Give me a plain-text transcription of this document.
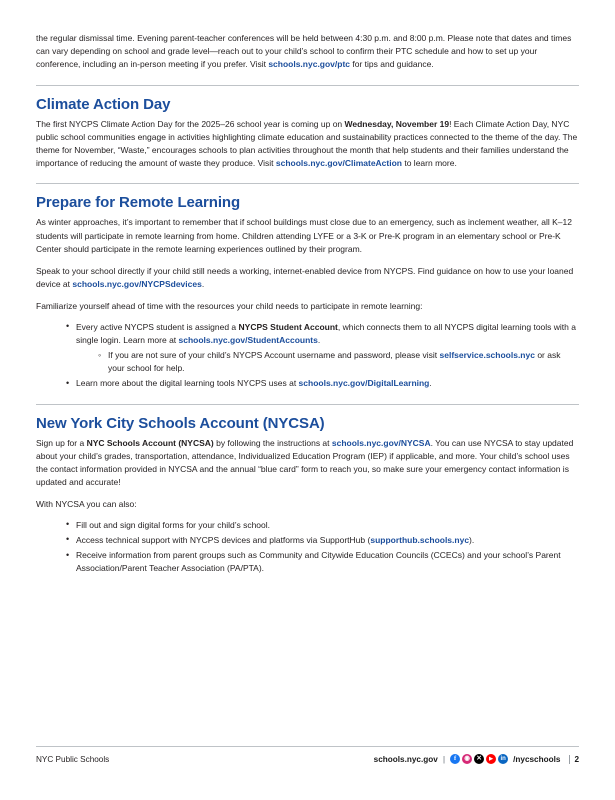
the regular dismissal time. Evening parent-teacher conferences will be held between 4:30 p.m. and 8:00 p.m. Please note that dates and times can vary depending on school and grade level—reach out to your child’s school to confirm their PTC schedule and how to set up your conference, including an in-person meeting if you prefer. Visit schools.nyc.gov/ptc for tips and guidance.

Climate Action Day

The first NYCPS Climate Action Day for the 2025–26 school year is coming up on Wednesday, November 19! Each Climate Action Day, NYC public school communities engage in activities highlighting climate education and sustainability practices connected to the theme of the day. The theme for November, “Waste,” encourages schools to plan activities throughout the month that help students and their families understand the importance of reducing the amount of waste they produce. Visit schools.nyc.gov/ClimateAction to learn more.

Prepare for Remote Learning

As winter approaches, it’s important to remember that if school buildings must close due to an emergency, such as inclement weather, all K–12 students will participate in remote learning from home. Children attending LYFE or a 3-K or Pre-K program in an elementary school or Pre-K Center should participate in the remote learning experiences outlined by their program.

Speak to your school directly if your child still needs a working, internet-enabled device from NYCPS. Find guidance on how to use your loaned device at schools.nyc.gov/NYCPSdevices.

Familiarize yourself ahead of time with the resources your child needs to participate in remote learning:

• Every active NYCPS student is assigned a NYCPS Student Account, which connects them to all NYCPS digital learning tools with a single login. Learn more at schools.nyc.gov/StudentAccounts.
◦ If you are not sure of your child’s NYCPS Account username and password, please visit selfservice.schools.nyc or ask your school for help.
• Learn more about the digital learning tools NYCPS uses at schools.nyc.gov/DigitalLearning.
New York City Schools Account (NYCSA)

Sign up for a NYC Schools Account (NYCSA) by following the instructions at schools.nyc.gov/NYCSA. You can use NYCSA to stay updated about your child’s grades, transportation, attendance, Individualized Education Program (IEP) if applicable, and more. Your child’s school uses the contact information provided in NYCSA and the annual “blue card” form to reach you, so make sure your emergency contact information is updated and accurate!

With NYCSA you can also:

• Fill out and sign digital forms for your child’s school.
• Access technical support with NYCPS devices and platforms via SupportHub (supporthub.schools.nyc).
• Receive information from parent groups such as Community and Citywide Education Councils (CCECs) and your school’s Parent Association/Parent Teacher Association (PA/PTA).
NYC Public Schools	schools.nyc.gov |	f	◉ ✕	▶	in /nycschools	2
